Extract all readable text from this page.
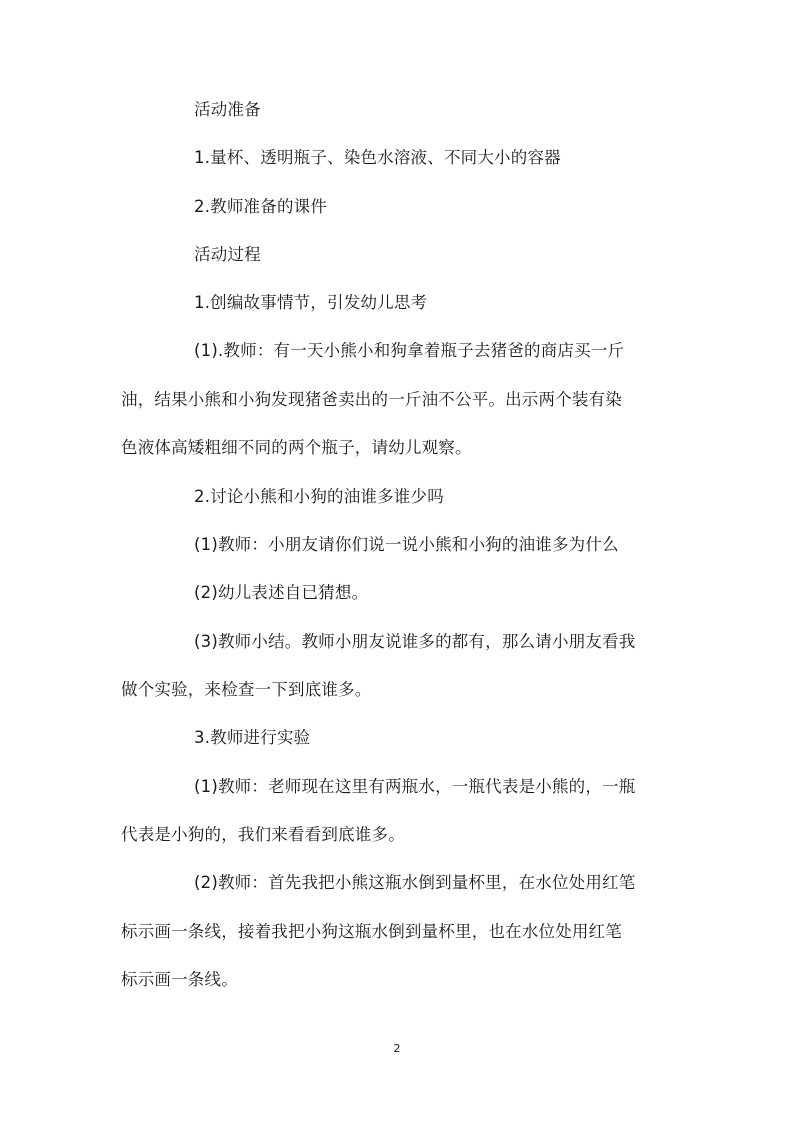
活动准备
1.量杯、透明瓶子、染色水溶液、不同大小的容器
2.教师准备的课件
活动过程
1.创编故事情节，引发幼儿思考
(1).教师：有一天小熊小和狗拿着瓶子去猪爸的商店买一斤
油，结果小熊和小狗发现猪爸卖出的一斤油不公平。出示两个装有染
色液体高矮粗细不同的两个瓶子，请幼儿观察。
2.讨论小熊和小狗的油谁多谁少吗
(1)教师：小朋友请你们说一说小熊和小狗的油谁多为什么
(2)幼儿表述自已猜想。
(3)教师小结。教师小朋友说谁多的都有，那么请小朋友看我
做个实验，来检查一下到底谁多。
3.教师进行实验
(1)教师：老师现在这里有两瓶水，一瓶代表是小熊的，一瓶
代表是小狗的，我们来看看到底谁多。
(2)教师：首先我把小熊这瓶水倒到量杯里，在水位处用红笔
标示画一条线，接着我把小狗这瓶水倒到量杯里，也在水位处用红笔
标示画一条线。
2
